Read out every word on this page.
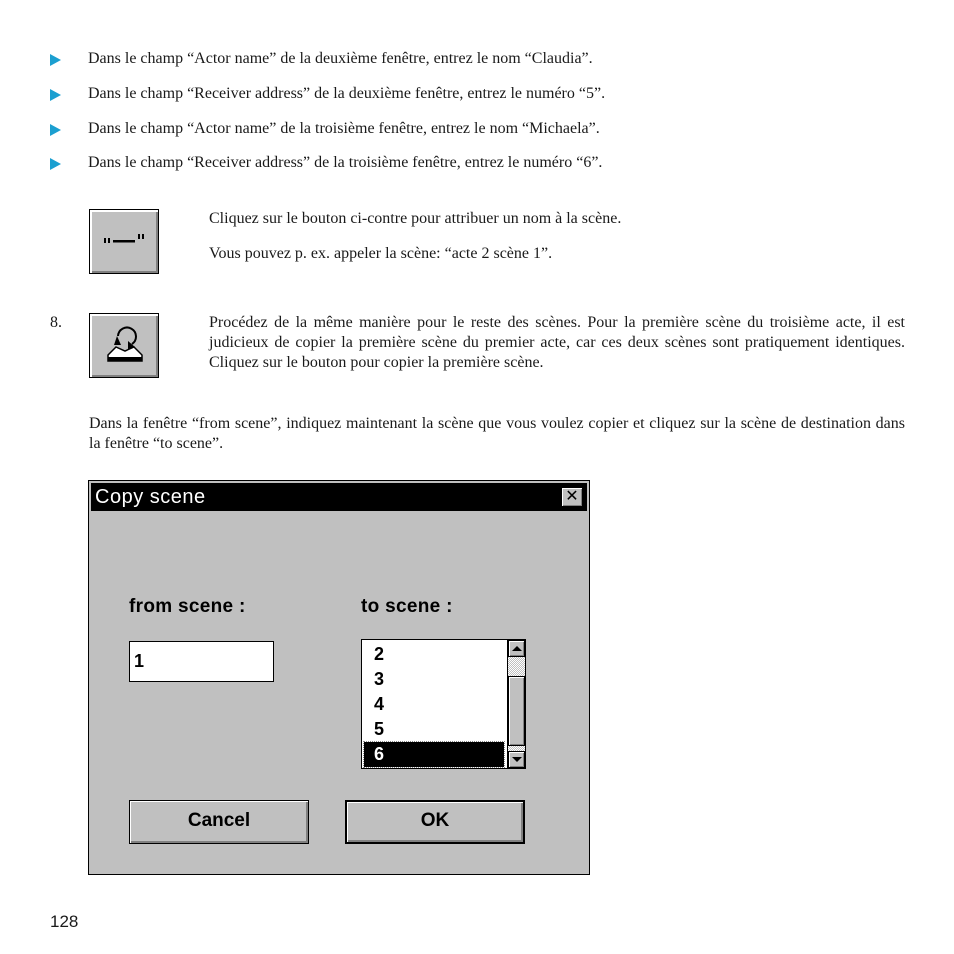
Dans le champ “Actor name” de la deuxième fenêtre, entrez le nom “Claudia”.
Dans le champ “Receiver address” de la deuxième fenêtre, entrez le numéro “5”.
Dans le champ “Actor name” de la troisième fenêtre, entrez le nom “Michaela”.
Dans le champ “Receiver address” de la troisième fenêtre, entrez le numéro “6”.
Cliquez sur le bouton ci-contre pour attribuer un nom à la scène.
Vous pouvez p. ex. appeler la scène: “acte 2 scène 1”.
8.	Procédez de la même manière pour le reste des scènes. Pour la première scène du troisième acte, il est judicieux de copier la première scène du premier acte, car ces deux scènes sont pratiquement identiques. Cliquez sur le bouton pour copier la première scène.
Dans la fenêtre “from scene”, indiquez maintenant la scène que vous voulez copier et cliquez sur la scène de destination dans la fenêtre “to scene”.
Copy scene	✕
from scene :	to scene :
1
2
3
4
5
6
Cancel	OK
128
